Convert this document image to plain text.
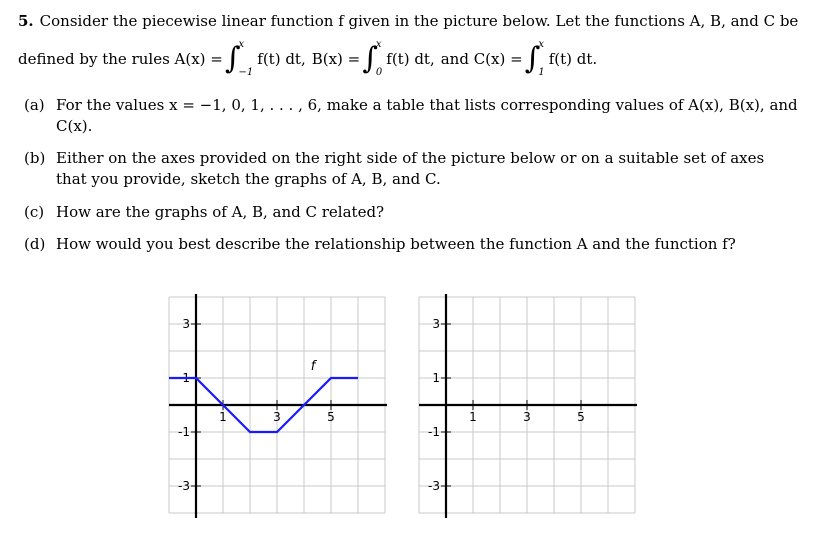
5. Consider the piecewise linear function f given in the picture below. Let the functions A, B, and C be
defined by the rules A(x) = ∫
x
−1
f(t) dt, B(x) = ∫
x
0
f(t) dt, and C(x) = ∫
x
1
f(t) dt.
(a) For the values x = −1, 0, 1, . . . , 6, make a table that lists corresponding values of A(x), B(x), and C(x).
(b) Either on the axes provided on the right side of the picture below or on a suitable set of axes that you provide, sketch the graphs of A, B, and C.
(c) How are the graphs of A, B, and C related?
(d) How would you best describe the relationship between the function A and the function f?
1	3	5
3
1
-1
-3
f
1	3	5
3
1
-1
-3
